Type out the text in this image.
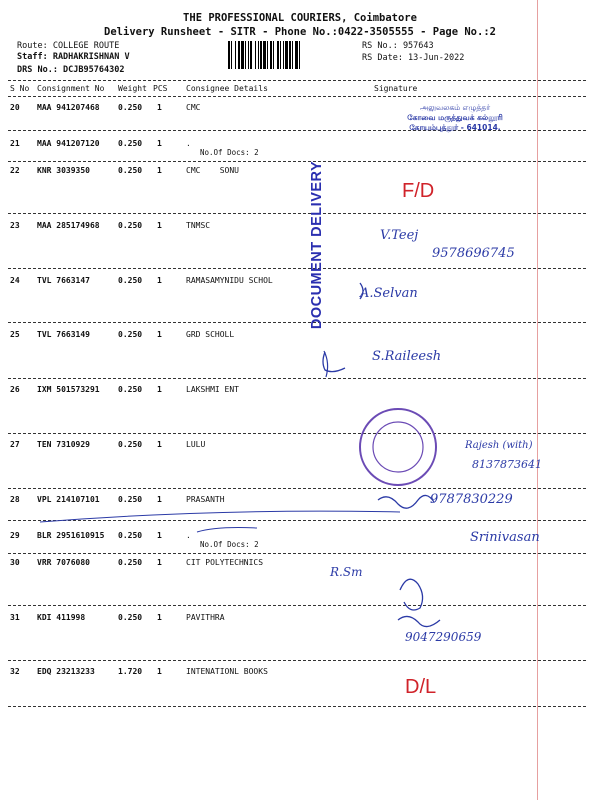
THE PROFESSIONAL COURIERS, Coimbatore
Delivery Runsheet - SITR - Phone No.:0422-3505555 - Page No.:2
Route: COLLEGE ROUTE
Staff: RADHAKRISHNAN V
DRS No.: DCJB95764302
RS No.: 957643
RS Date: 13-Jun-2022
S No Consignment No Weight PCS Consignee Details	Signature
20 MAA 941207468 0.250 1	CMC
21 MAA 941207120 0.250 1	.
No.Of Docs: 2
22 KNR 3039350	0.250 1	CMC    SONU
23 MAA 285174968 0.250 1	TNMSC
24 TVL 7663147	0.250 1	RAMASAMYNIDU SCHOL
25 TVL 7663149	0.250 1	GRD SCHOLL
26 IXM 501573291 0.250 1	LAKSHMI ENT
27 TEN 7310929	0.250 1	LULU
28 VPL 214107101 0.250 1	PRASANTH
29 BLR 2951610915 0.250 1	.
No.Of Docs: 2
30 VRR 7076080	0.250 1	CIT POLYTECHNICS
31 KDI 411998	0.250 1	PAVITHRA
32 EDQ 23213233	1.720 1	INTENATIONL BOOKS
DOCUMENT DELIVERY
அலுவலகம் எழுத்தர்
கோவை மருத்துவக் கல்லூரி
கோயம்புத்தூர் - 641014.
F/D
V.Teej
9578696745
A.Selvan
S.Raileesh
Rajesh (with)
8137873641
9787830229
Srinivasan
R.Sm
9047290659
D/L
